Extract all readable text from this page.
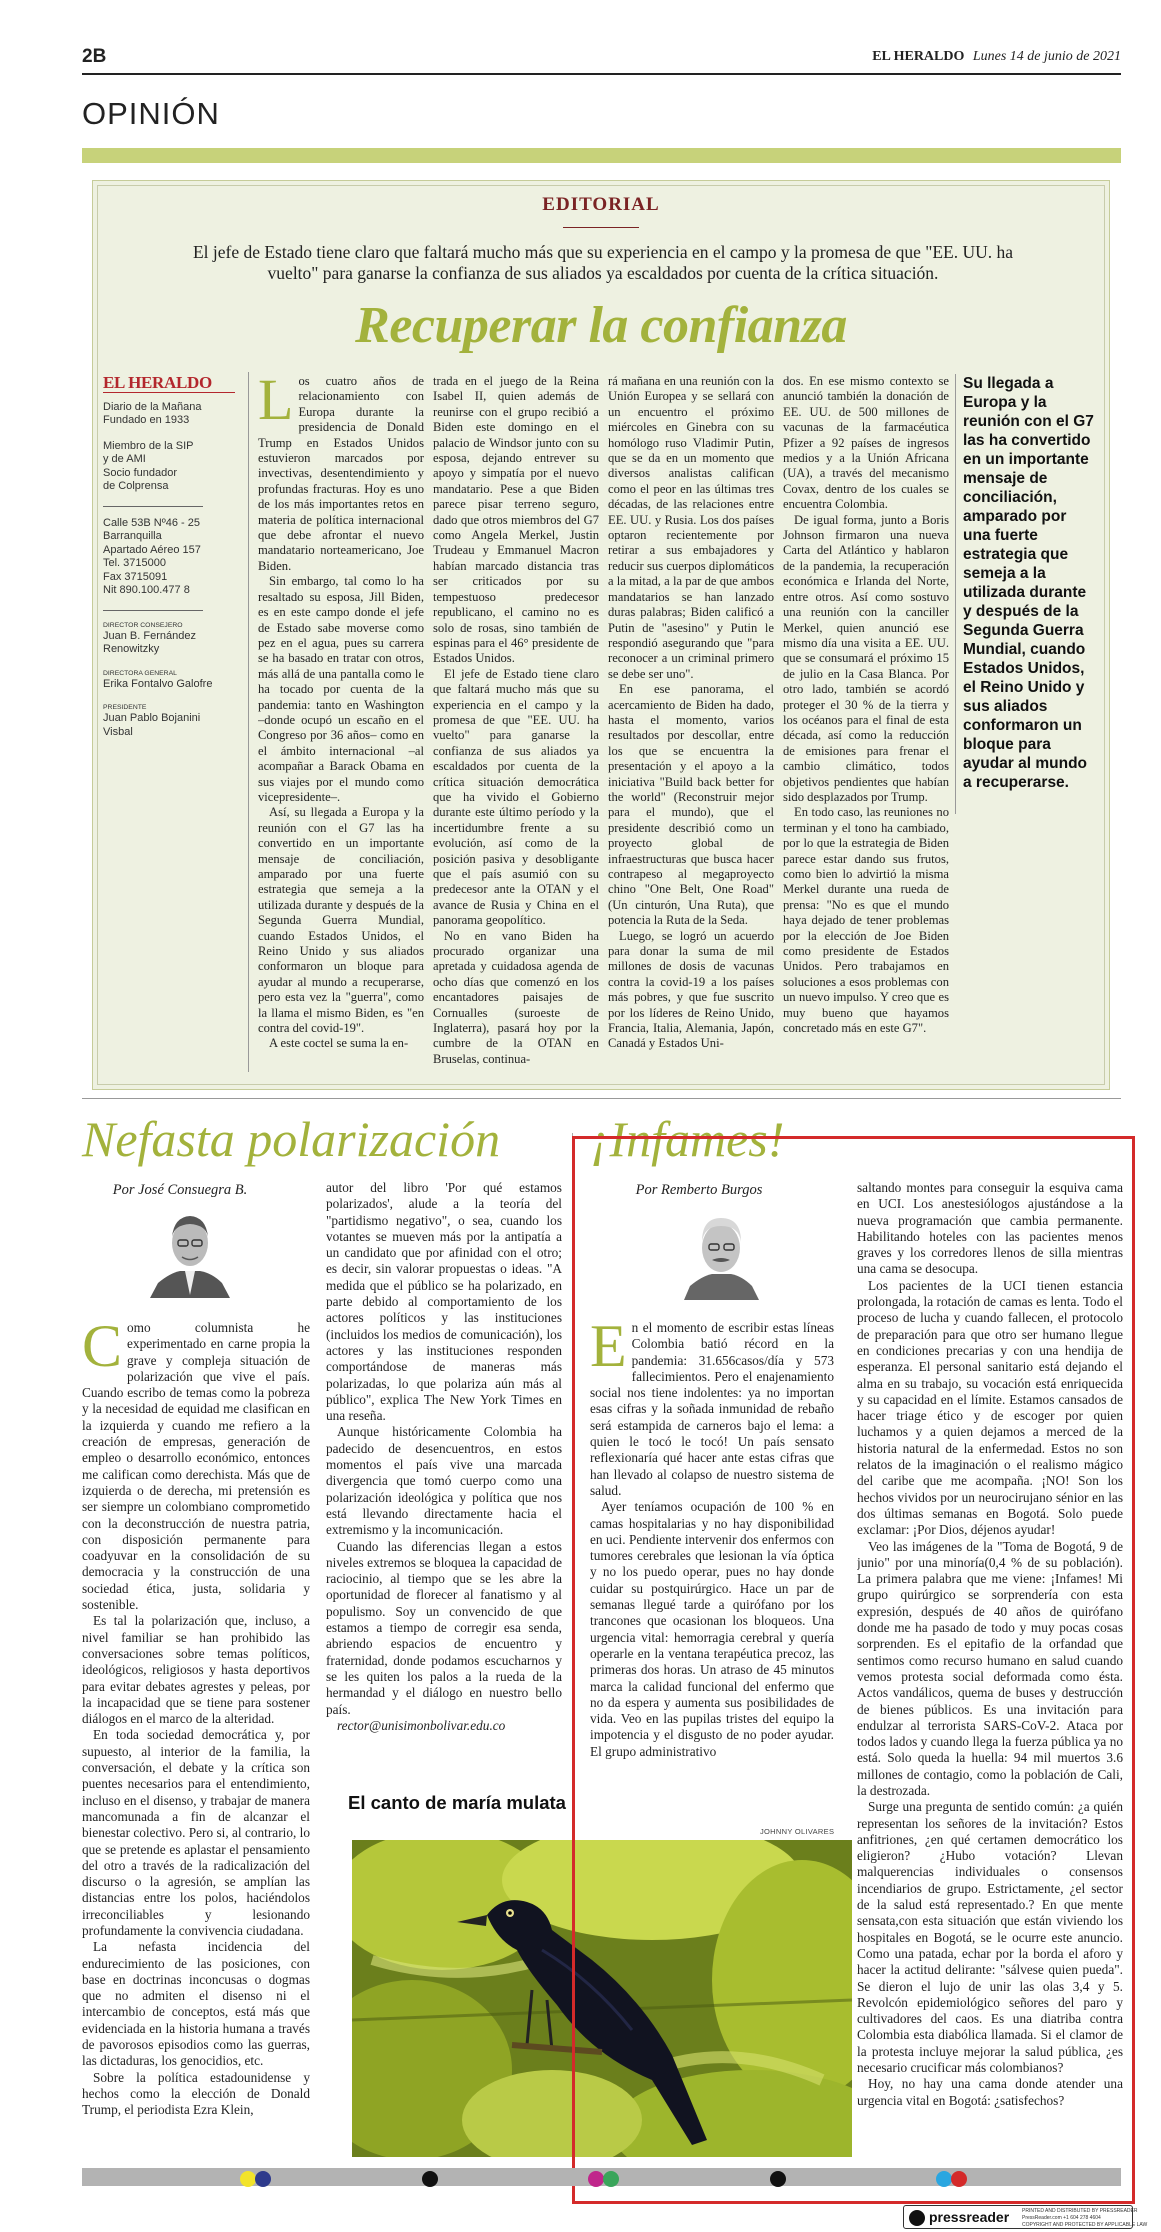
2B	EL HERALDO Lunes 14 de junio de 2021
OPINIÓN
EDITORIAL
El jefe de Estado tiene claro que faltará mucho más que su experiencia en el campo y la promesa de que "EE. UU. ha vuelto" para ganarse la confianza de sus aliados ya escaldados por cuenta de la crítica situación.
Recuperar la confianza
EL HERALDO
Diario de la Mañana
Fundado en 1933
Miembro de la SIP
y de AMI
Socio fundador
de Colprensa
Calle 53B Nº46 - 25
Barranquilla
Apartado Aéreo 157
Tel. 3715000
Fax 3715091
Nit 890.100.477 8
DIRECTOR CONSEJERO
Juan B. Fernández Renowitzky
DIRECTORA GENERAL
Erika Fontalvo Galofre
PRESIDENTE
Juan Pablo Bojanini Visbal

Los cuatro años de relacionamiento con Europa durante la presidencia de Donald Trump en Estados Unidos estuvieron marcados por invectivas, desentendimiento y profundas fracturas. Hoy es uno de los más importantes retos en materia de política internacional que debe afrontar el nuevo mandatario norteamericano, Joe Biden.

Sin embargo, tal como lo ha resaltado su esposa, Jill Biden, es en este campo donde el jefe de Estado sabe moverse como pez en el agua, pues su carrera se ha basado en tratar con otros, más allá de una pantalla como le ha tocado por cuenta de la pandemia: tanto en Washington –donde ocupó un escaño en el Congreso por 36 años– como en el ámbito internacional –al acompañar a Barack Obama en sus viajes por el mundo como vicepresidente–.

Así, su llegada a Europa y la reunión con el G7 las ha convertido en un importante mensaje de conciliación, amparado por una fuerte estrategia que semeja a la utilizada durante y después de la Segunda Guerra Mundial, cuando Estados Unidos, el Reino Unido y sus aliados conformaron un bloque para ayudar al mundo a recuperarse, pero esta vez la "guerra", como la llama el mismo Biden, es "en contra del covid-19".

A este coctel se suma la en-

trada en el juego de la Reina Isabel II, quien además de reunirse con el grupo recibió a Biden este domingo en el palacio de Windsor junto con su esposa, dejando entrever su apoyo y simpatía por el nuevo mandatario. Pese a que Biden parece pisar terreno seguro, dado que otros miembros del G7 como Angela Merkel, Justin Trudeau y Emmanuel Macron habían marcado distancia tras ser criticados por su tempestuoso predecesor republicano, el camino no es solo de rosas, sino también de espinas para el 46° presidente de Estados Unidos.

El jefe de Estado tiene claro que faltará mucho más que su experiencia en el campo y la promesa de que "EE. UU. ha vuelto" para ganarse la confianza de sus aliados ya escaldados por cuenta de la crítica situación democrática que ha vivido el Gobierno durante este último período y la incertidumbre frente a su evolución, así como de la posición pasiva y desobligante que el país asumió con su predecesor ante la OTAN y el avance de Rusia y China en el panorama geopolítico.

No en vano Biden ha procurado organizar una apretada y cuidadosa agenda de ocho días que comenzó en los encantadores paisajes de Cornualles (suroeste de Inglaterra), pasará hoy por la cumbre de la OTAN en Bruselas, continua-

rá mañana en una reunión con la Unión Europea y se sellará con un encuentro el próximo miércoles en Ginebra con su homólogo ruso Vladimir Putin, que se da en un momento que diversos analistas califican como el peor en las últimas tres décadas, de las relaciones entre EE. UU. y Rusia. Los dos países optaron recientemente por retirar a sus embajadores y reducir sus cuerpos diplomáticos a la mitad, a la par de que ambos mandatarios se han lanzado duras palabras; Biden calificó a Putin de "asesino" y Putin le respondió asegurando que "para reconocer a un criminal primero se debe ser uno".

En ese panorama, el acercamiento de Biden ha dado, hasta el momento, varios resultados por descollar, entre los que se encuentra la presentación y el apoyo a la iniciativa "Build back better for the world" (Reconstruir mejor para el mundo), que el presidente describió como un proyecto global de infraestructuras que busca hacer contrapeso al megaproyecto chino "One Belt, One Road" (Un cinturón, Una Ruta), que potencia la Ruta de la Seda.

Luego, se logró un acuerdo para donar la suma de mil millones de dosis de vacunas contra la covid-19 a los países más pobres, y que fue suscrito por los líderes de Reino Unido, Francia, Italia, Alemania, Japón, Canadá y Estados Uni-

dos. En ese mismo contexto se anunció también la donación de EE. UU. de 500 millones de vacunas de la farmacéutica Pfizer a 92 países de ingresos medios y a la Unión Africana (UA), a través del mecanismo Covax, dentro de los cuales se encuentra Colombia.

De igual forma, junto a Boris Johnson firmaron una nueva Carta del Atlántico y hablaron de la pandemia, la recuperación económica e Irlanda del Norte, entre otros. Así como sostuvo una reunión con la canciller Merkel, quien anunció ese mismo día una visita a EE. UU. que se consumará el próximo 15 de julio en la Casa Blanca. Por otro lado, también se acordó proteger el 30 % de la tierra y los océanos para el final de esta década, así como la reducción de emisiones para frenar el cambio climático, todos objetivos pendientes que habían sido desplazados por Trump.

En todo caso, las reuniones no terminan y el tono ha cambiado, por lo que la estrategia de Biden parece estar dando sus frutos, como bien lo advirtió la misma Merkel durante una rueda de prensa: "No es que el mundo haya dejado de tener problemas por la elección de Joe Biden como presidente de Estados Unidos. Pero trabajamos en soluciones a esos problemas con un nuevo impulso. Y creo que es muy bueno que hayamos concretado más en este G7".

Su llegada a Europa y la reunión con el G7 las ha convertido en un importante mensaje de conciliación, amparado por una fuerte estrategia que semeja a la utilizada durante y después de la Segunda Guerra Mundial, cuando Estados Unidos, el Reino Unido y sus aliados conformaron un bloque para ayudar al mundo a recuperarse.
Nefasta polarización
Por José Consuegra B.

Como columnista he experimentado en carne propia la grave y compleja situación de polarización que vive el país. Cuando escribo de temas como la pobreza y la necesidad de equidad me clasifican en la izquierda y cuando me refiero a la creación de empresas, generación de empleo o desarrollo económico, entonces me califican como derechista. Más que de izquierda o de derecha, mi pretensión es ser siempre un colombiano comprometido con la deconstrucción de nuestra patria, con disposición permanente para coadyuvar en la consolidación de su democracia y la construcción de una sociedad ética, justa, solidaria y sostenible.

Es tal la polarización que, incluso, a nivel familiar se han prohibido las conversaciones sobre temas políticos, ideológicos, religiosos y hasta deportivos para evitar debates agrestes y peleas, por la incapacidad que se tiene para sostener diálogos en el marco de la alteridad.

En toda sociedad democrática y, por supuesto, al interior de la familia, la conversación, el debate y la crítica son puentes necesarios para el entendimiento, incluso en el disenso, y trabajar de manera mancomunada a fin de alcanzar el bienestar colectivo. Pero si, al contrario, lo que se pretende es aplastar el pensamiento del otro a través de la radicalización del discurso o la agresión, se amplían las distancias entre los polos, haciéndolos irreconciliables y lesionando profundamente la convivencia ciudadana.

La nefasta incidencia del endurecimiento de las posiciones, con base en doctrinas inconcusas o dogmas que no admiten el disenso ni el intercambio de conceptos, está más que evidenciada en la historia humana a través de pavorosos episodios como las guerras, las dictaduras, los genocidios, etc.

Sobre la política estadounidense y hechos como la elección de Donald Trump, el periodista Ezra Klein,

autor del libro 'Por qué estamos polarizados', alude a la teoría del "partidismo negativo", o sea, cuando los votantes se mueven más por la antipatía a un candidato que por afinidad con el otro; es decir, sin valorar propuestas o ideas. "A medida que el público se ha polarizado, en parte debido al comportamiento de los actores políticos y las instituciones (incluidos los medios de comunicación), los actores y las instituciones responden comportándose de maneras más polarizadas, lo que polariza aún más al público", explica The New York Times en una reseña.

Aunque históricamente Colombia ha padecido de desencuentros, en estos momentos el país vive una marcada divergencia que tomó cuerpo como una polarización ideológica y política que nos está llevando directamente hacia el extremismo y la incomunicación.

Cuando las diferencias llegan a estos niveles extremos se bloquea la capacidad de raciocinio, al tiempo que se les abre la oportunidad de florecer al fanatismo y al populismo. Soy un convencido de que estamos a tiempo de corregir esa senda, abriendo espacios de encuentro y fraternidad, donde podamos escucharnos y se les quiten los palos a la rueda de la hermandad y el diálogo en nuestro bello país.

rector@unisimonbolivar.edu.co

El canto de maría mulata
JOHNNY OLIVARES
¡Infames!
Por Remberto Burgos

En el momento de escribir estas líneas Colombia batió récord en la pandemia: 31.656casos/día y 573 fallecimientos. Pero el enajenamiento social nos tiene indolentes: ya no importan esas cifras y la soñada inmunidad de rebaño será estampida de carneros bajo el lema: a quien le tocó le tocó! Un país sensato reflexionaría qué hacer ante estas cifras que han llevado al colapso de nuestro sistema de salud.

Ayer teníamos ocupación de 100 % en camas hospitalarias y no hay disponibilidad en uci. Pendiente intervenir dos enfermos con tumores cerebrales que lesionan la vía óptica y no los puedo operar, pues no hay donde cuidar su postquirúrgico. Hace un par de semanas llegué tarde a quirófano por los trancones que ocasionan los bloqueos. Una urgencia vital: hemorragia cerebral y quería operarle en la ventana terapéutica precoz, las primeras dos horas. Un atraso de 45 minutos marca la calidad funcional del enfermo que no da espera y aumenta sus posibilidades de vida. Veo en las pupilas tristes del equipo la impotencia y el disgusto de no poder ayudar. El grupo administrativo

saltando montes para conseguir la esquiva cama en UCI. Los anestesiólogos ajustándose a la nueva programación que cambia permanente. Habilitando hoteles con las pacientes menos graves y los corredores llenos de silla mientras una cama se desocupa.

Los pacientes de la UCI tienen estancia prolongada, la rotación de camas es lenta. Todo el proceso de lucha y cuando fallecen, el protocolo de preparación para que otro ser humano llegue en condiciones precarias y con una hendija de esperanza. El personal sanitario está dejando el alma en su trabajo, su vocación está enriquecida y su capacidad en el límite. Estamos cansados de hacer triage ético y de escoger por quien luchamos y a quien dejamos a merced de la historia natural de la enfermedad. Estos no son relatos de la imaginación o el realismo mágico del caribe que me acompaña. ¡NO! Son los hechos vividos por un neurocirujano sénior en las dos últimas semanas en Bogotá. Solo puede exclamar: ¡Por Dios, déjenos ayudar!

Veo las imágenes de la "Toma de Bogotá, 9 de junio" por una minoría(0,4 % de su población). La primera palabra que me viene: ¡Infames! Mi grupo quirúrgico se sorprendería con esta expresión, después de 40 años de quirófano donde me ha pasado de todo y muy pocas cosas sorprenden. Es el epitafio de la orfandad que sentimos como recurso humano en salud cuando vemos protesta social deformada como ésta. Actos vandálicos, quema de buses y destrucción de bienes públicos. Es una invitación para endulzar al terrorista SARS-CoV-2. Ataca por todos lados y cuando llega la fuerza pública ya no está. Solo queda la huella: 94 mil muertos 3.6 millones de contagio, como la población de Cali, la destrozada.

Surge una pregunta de sentido común: ¿a quién representan los señores de la invitación? Estos anfitriones, ¿en qué certamen democrático los eligieron? ¿Hubo votación? Llevan malquerencias individuales o consensos incendiarios de grupo. Estrictamente, ¿el sector de la salud está representado.? En que mente sensata,con esta situación que están viviendo los hospitales en Bogotá, se le ocurre este anuncio. Como una patada, echar por la borda el aforo y hacer la actitud delirante: "sálvese quien pueda". Se dieron el lujo de unir las olas 3,4 y 5. Revolcón epidemiológico señores del paro y cultivadores del caos. Es una diatriba contra Colombia esta diabólica llamada. Si el clamor de la protesta incluye mejorar la salud pública, ¿es necesario crucificar más colombianos?

Hoy, no hay una cama donde atender una urgencia vital en Bogotá: ¿satisfechos?

pressreader	PRINTED AND DISTRIBUTED BY PRESSREADER
PressReader.com +1 604 278 4604
COPYRIGHT AND PROTECTED BY APPLICABLE LAW
